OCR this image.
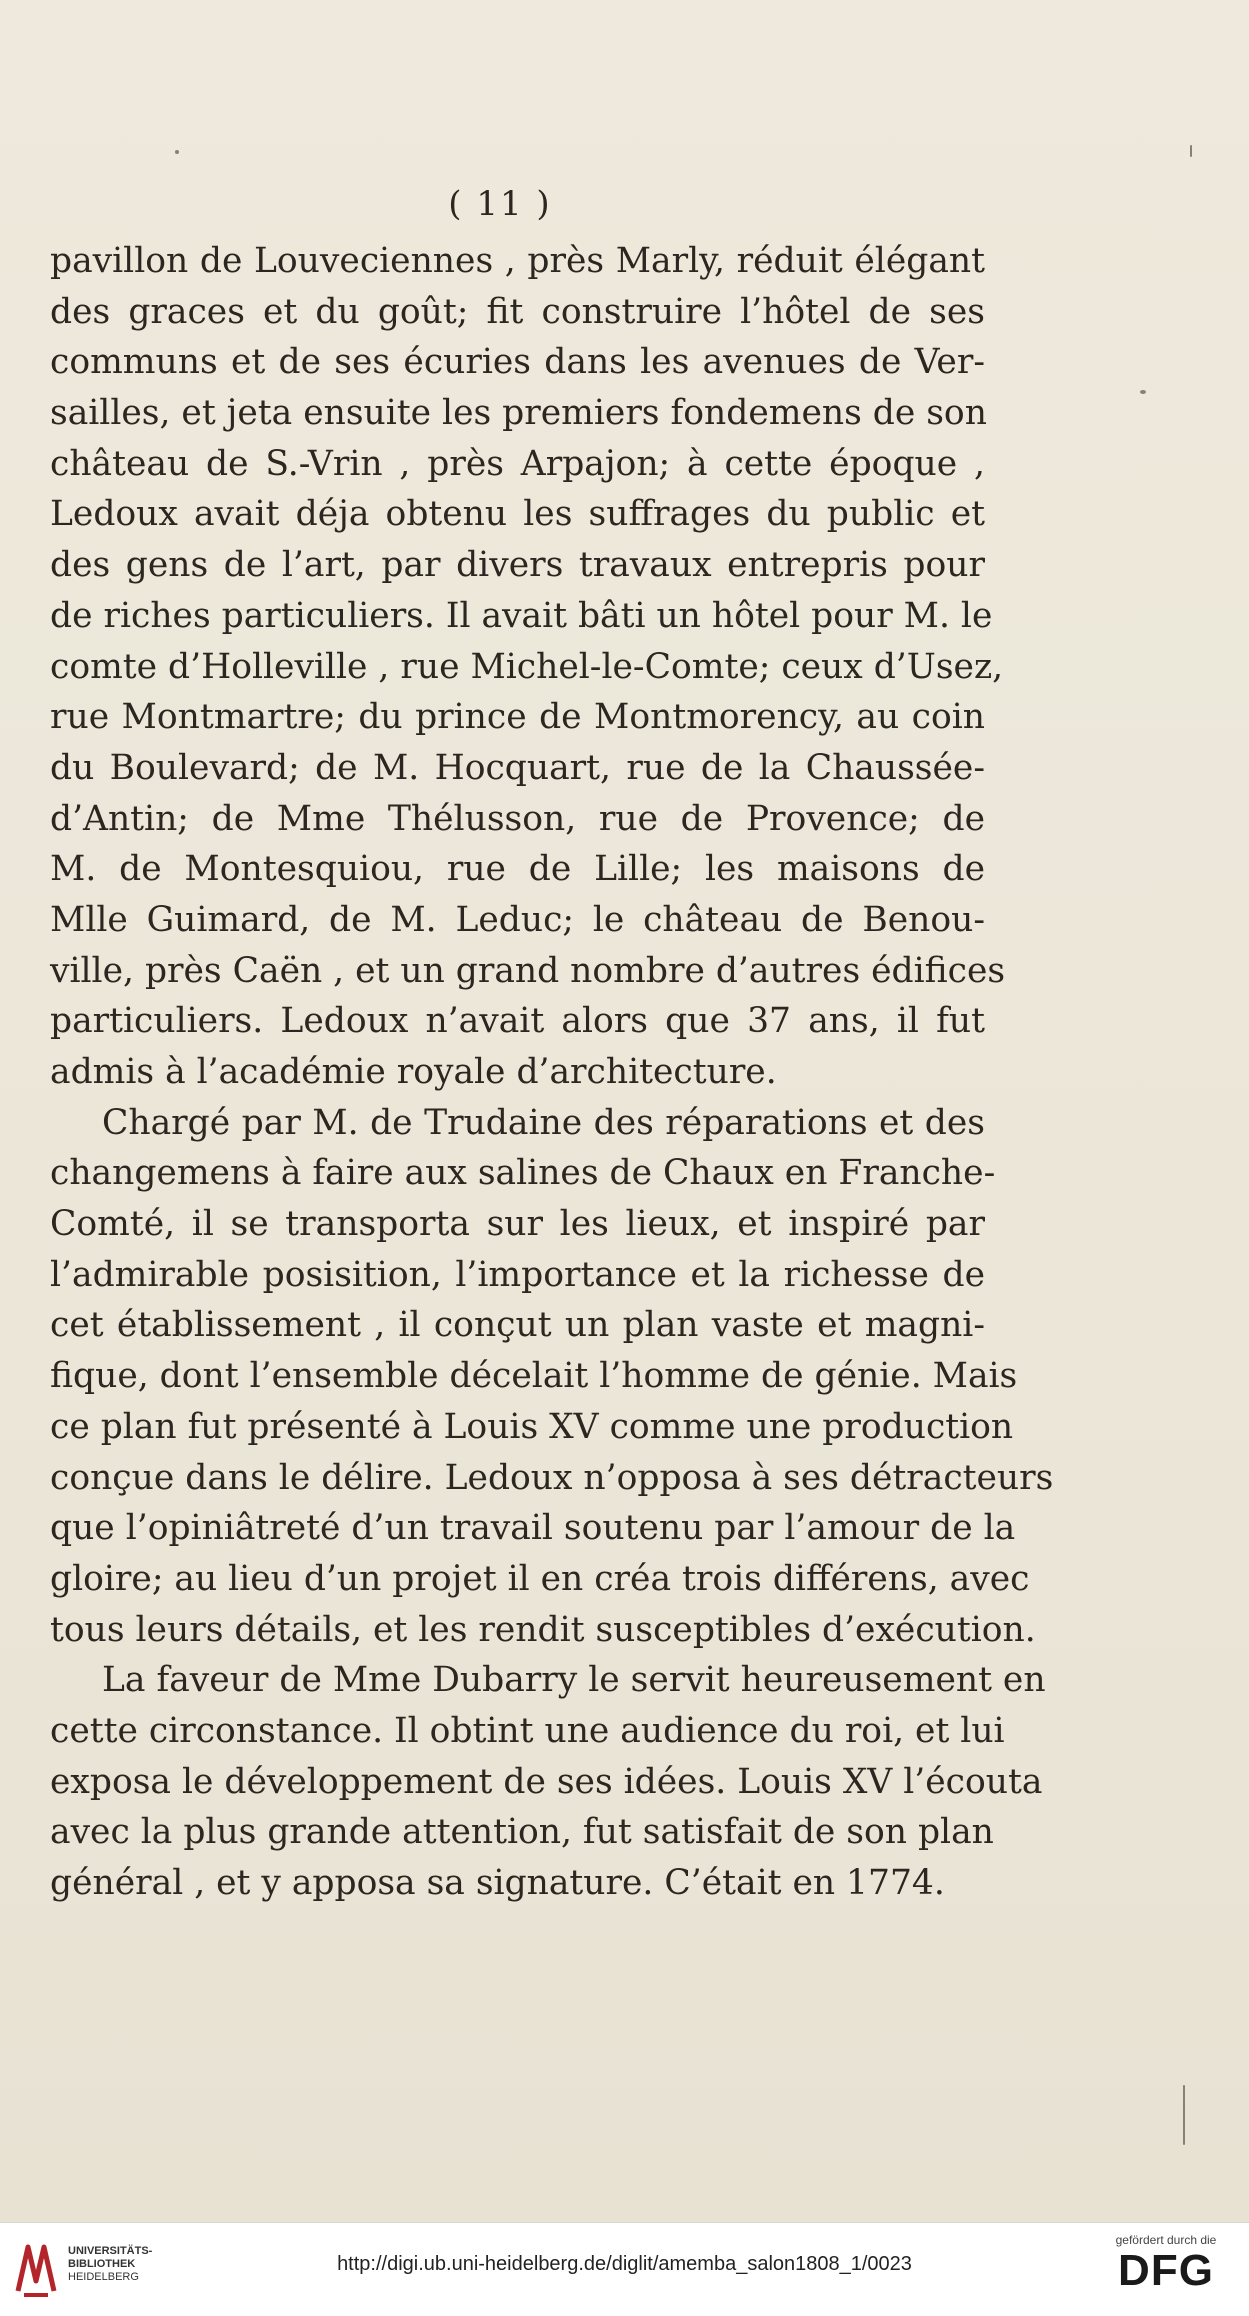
( 11 )
pavillon de Louveciennes , près Marly, réduit élégant
des graces et du goût; fit construire l’hôtel de ses
communs et de ses écuries dans les avenues de Ver-
sailles, et jeta ensuite les premiers fondemens de son
château de S.-Vrin , près Arpajon; à cette époque ,
Ledoux avait déja obtenu les suffrages du public et
des gens de l’art, par divers travaux entrepris pour
de riches particuliers. Il avait bâti un hôtel pour M. le
comte d’Holleville , rue Michel-le-Comte; ceux d’Usez,
rue Montmartre; du prince de Montmorency, au coin
du Boulevard; de M. Hocquart, rue de la Chaussée-
d’Antin; de Mme Thélusson, rue de Provence; de
M. de Montesquiou, rue de Lille; les maisons de
Mlle Guimard, de M. Leduc; le château de Benou-
ville, près Caën , et un grand nombre d’autres édifices
particuliers. Ledoux n’avait alors que 37 ans, il fut
admis à l’académie royale d’architecture.
Chargé par M. de Trudaine des réparations et des
changemens à faire aux salines de Chaux en Franche-
Comté, il se transporta sur les lieux, et inspiré par
l’admirable posisition, l’importance et la richesse de
cet établissement , il conçut un plan vaste et magni-
fique, dont l’ensemble décelait l’homme de génie. Mais
ce plan fut présenté à Louis XV comme une production
conçue dans le délire. Ledoux n’opposa à ses détracteurs
que l’opiniâtreté d’un travail soutenu par l’amour de la
gloire; au lieu d’un projet il en créa trois différens, avec
tous leurs détails, et les rendit susceptibles d’exécution.
La faveur de Mme Dubarry le servit heureusement en
cette circonstance. Il obtint une audience du roi, et lui
exposa le développement de ses idées. Louis XV l’écouta
avec la plus grande attention, fut satisfait de son plan
général , et y apposa sa signature. C’était en 1774.
UNIVERSITÄTS-
BIBLIOTHEK
HEIDELBERG
http://digi.ub.uni-heidelberg.de/diglit/amemba_salon1808_1/0023
gefördert durch die
DFG
